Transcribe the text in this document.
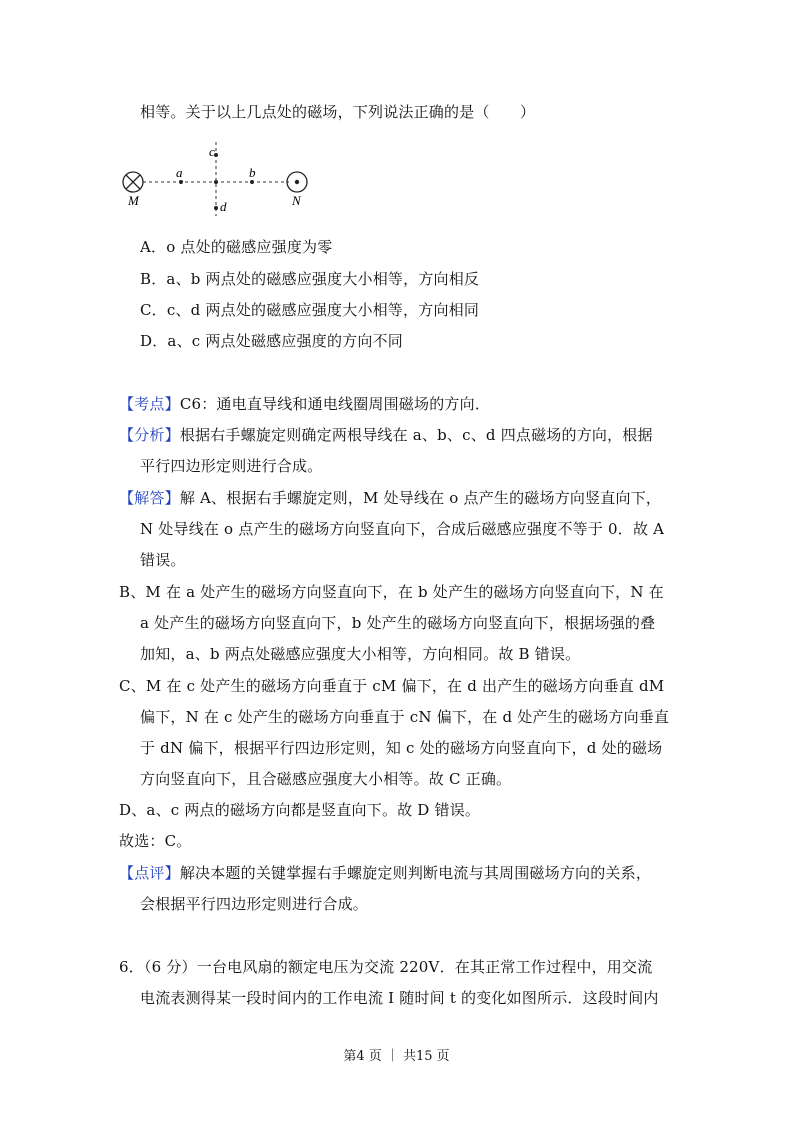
相等。关于以上几点处的磁场，下列说法正确的是（　　）
c
a	b
d
M	N
A．o 点处的磁感应强度为零
B．a、b 两点处的磁感应强度大小相等，方向相反
C．c、d 两点处的磁感应强度大小相等，方向相同
D．a、c 两点处磁感应强度的方向不同
【考点】C6：通电直导线和通电线圈周围磁场的方向．
【分析】根据右手螺旋定则确定两根导线在 a、b、c、d 四点磁场的方向，根据
平行四边形定则进行合成。
【解答】解 A、根据右手螺旋定则，M 处导线在 o 点产生的磁场方向竖直向下，
N 处导线在 o 点产生的磁场方向竖直向下，合成后磁感应强度不等于 0．故 A
错误。
B、M 在 a 处产生的磁场方向竖直向下，在 b 处产生的磁场方向竖直向下，N 在
a 处产生的磁场方向竖直向下，b 处产生的磁场方向竖直向下，根据场强的叠
加知，a、b 两点处磁感应强度大小相等，方向相同。故 B 错误。
C、M 在 c 处产生的磁场方向垂直于 cM 偏下，在 d 出产生的磁场方向垂直 dM
偏下，N 在 c 处产生的磁场方向垂直于 cN 偏下，在 d 处产生的磁场方向垂直
于 dN 偏下，根据平行四边形定则，知 c 处的磁场方向竖直向下，d 处的磁场
方向竖直向下，且合磁感应强度大小相等。故 C 正确。
D、a、c 两点的磁场方向都是竖直向下。故 D 错误。
故选：C。
【点评】解决本题的关键掌握右手螺旋定则判断电流与其周围磁场方向的关系，
会根据平行四边形定则进行合成。
6．（6 分）一台电风扇的额定电压为交流 220V．在其正常工作过程中，用交流
电流表测得某一段时间内的工作电流 I 随时间 t 的变化如图所示．这段时间内
第4 页 ｜ 共15 页
